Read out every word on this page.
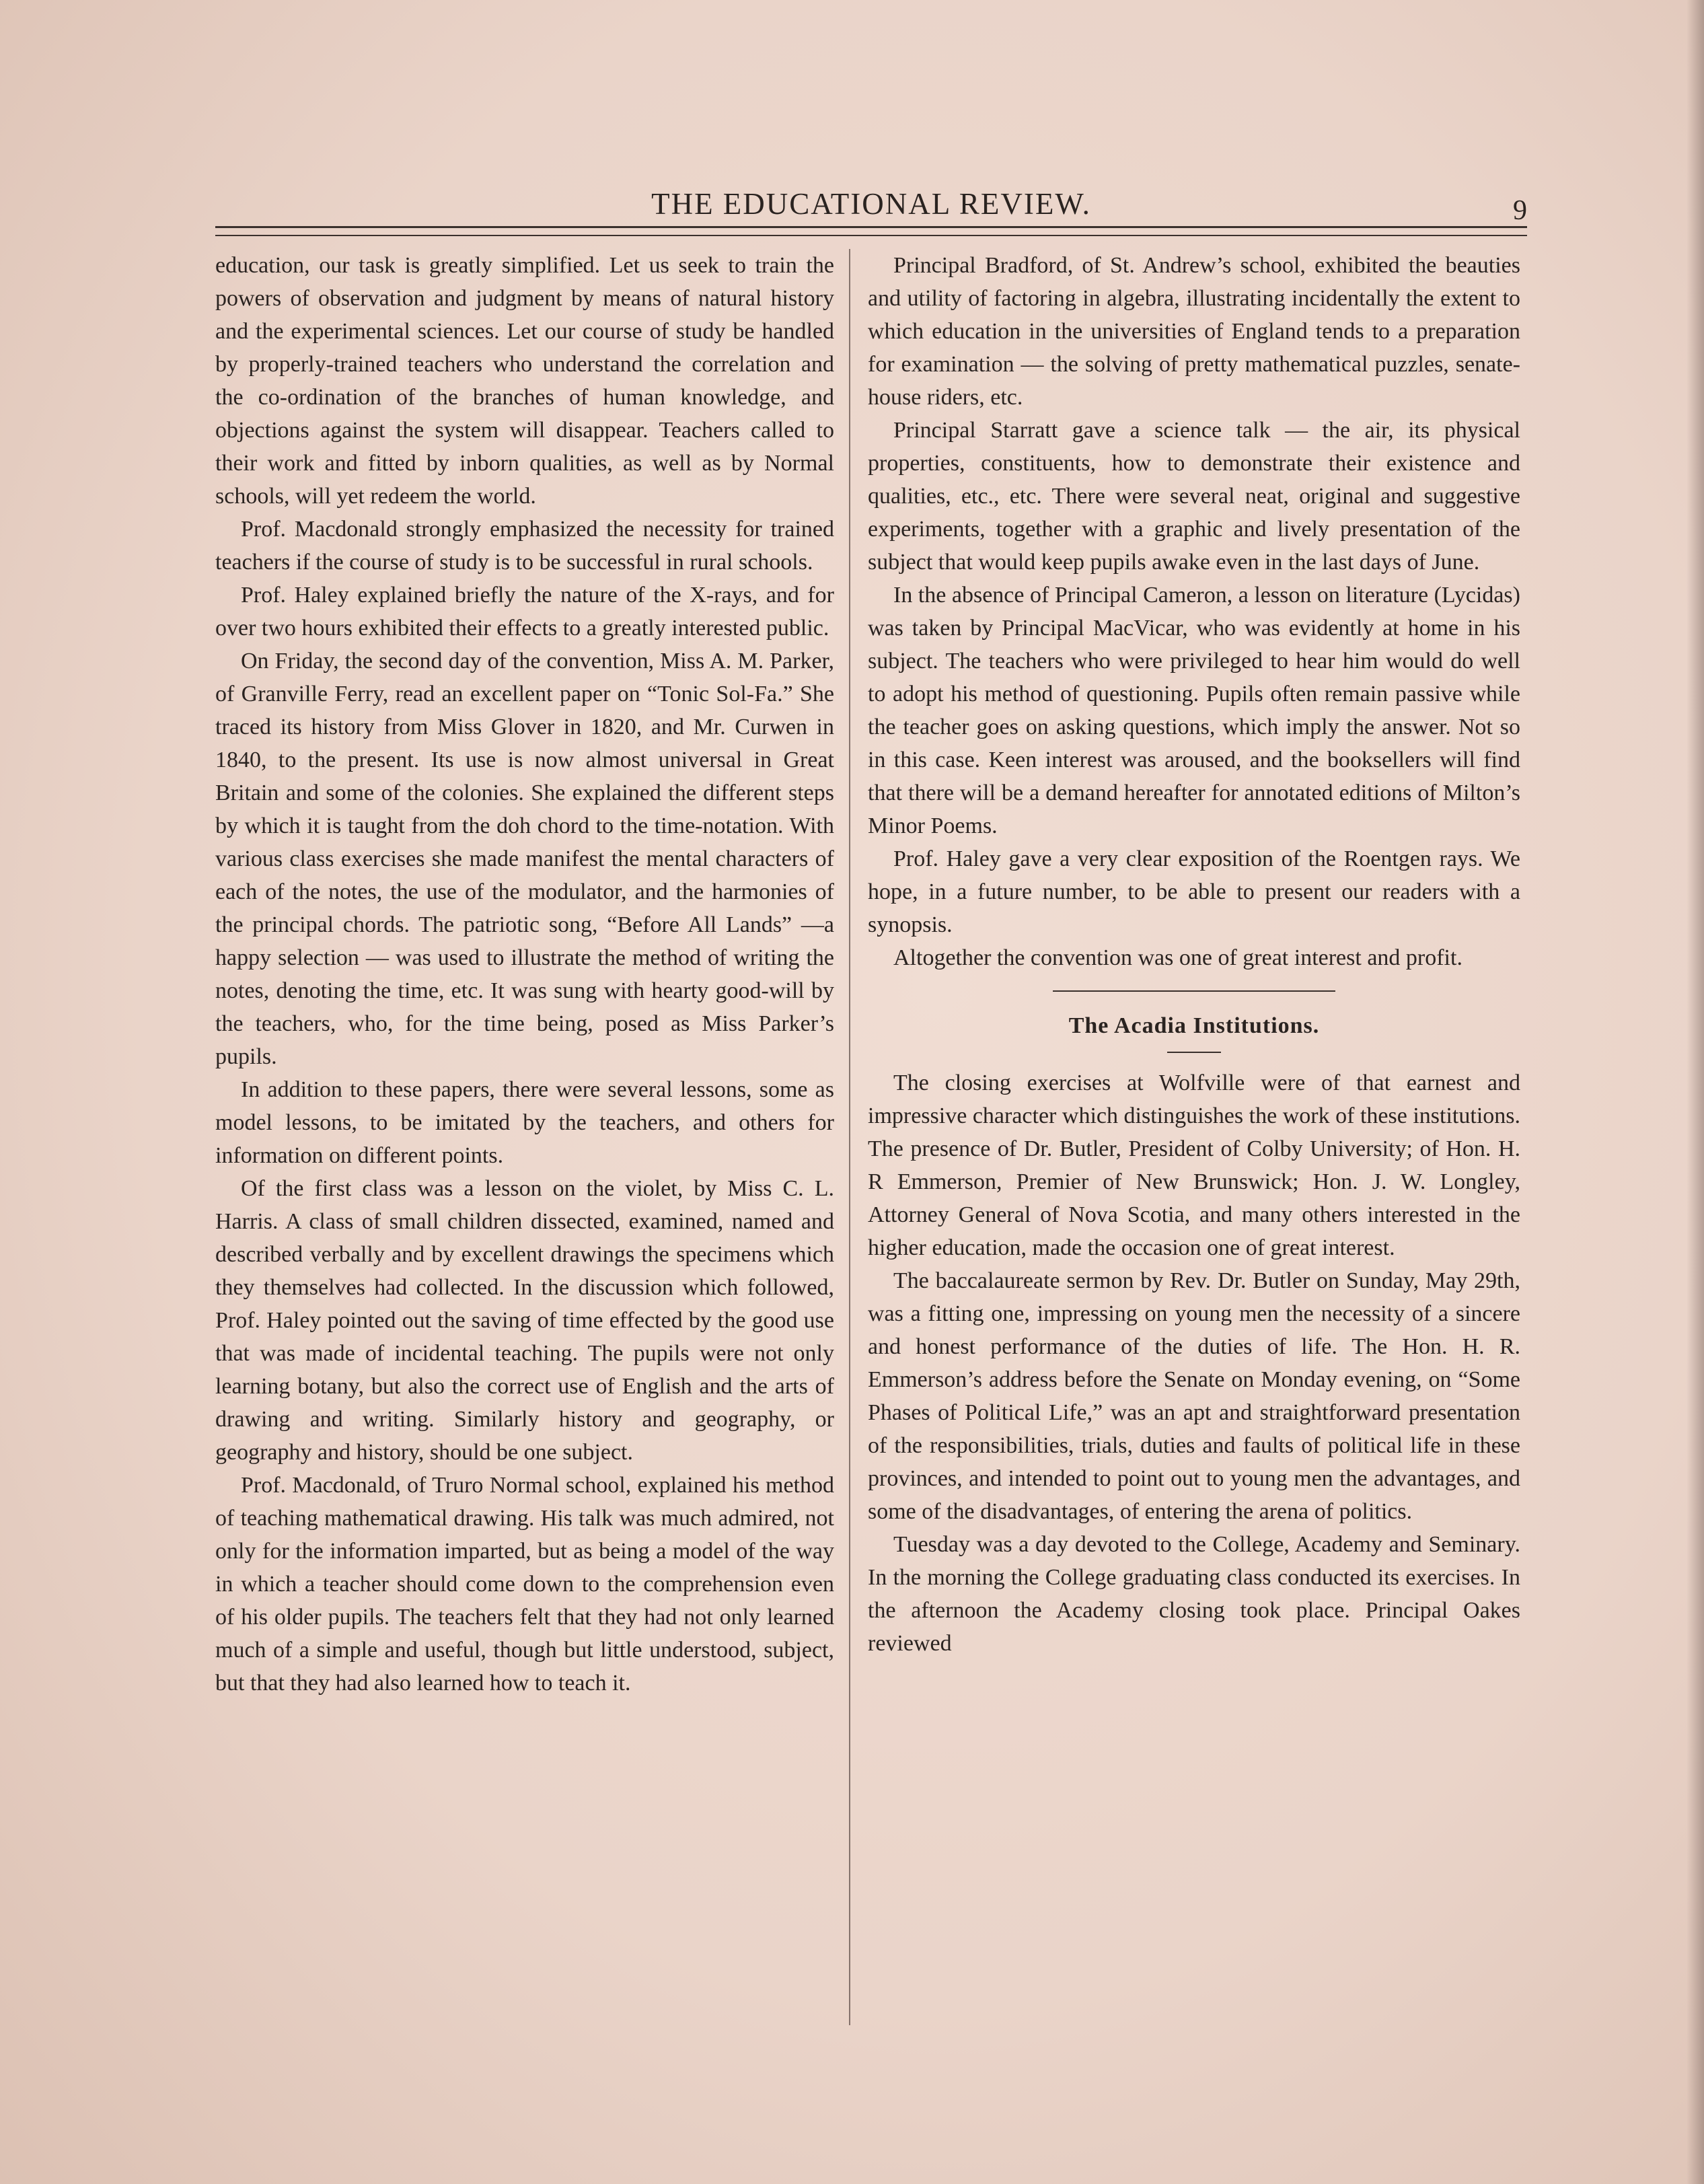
THE EDUCATIONAL REVIEW.	9

education, our task is greatly simplified. Let us seek to train the powers of observation and judgment by means of natural history and the experimental sciences. Let our course of study be handled by properly-trained teachers who understand the correlation and the co-ordination of the branches of human knowledge, and objections against the system will disappear. Teachers called to their work and fitted by inborn qualities, as well as by Normal schools, will yet redeem the world.

Prof. Macdonald strongly emphasized the necessity for trained teachers if the course of study is to be successful in rural schools.

Prof. Haley explained briefly the nature of the X-rays, and for over two hours exhibited their effects to a greatly interested public.

On Friday, the second day of the convention, Miss A. M. Parker, of Granville Ferry, read an excellent paper on “Tonic Sol-Fa.” She traced its history from Miss Glover in 1820, and Mr. Curwen in 1840, to the present. Its use is now almost universal in Great Britain and some of the colonies. She explained the different steps by which it is taught from the doh chord to the time-notation. With various class exercises she made manifest the mental characters of each of the notes, the use of the modulator, and the harmonies of the principal chords. The patriotic song, “Before All Lands” —a happy selection — was used to illustrate the method of writing the notes, denoting the time, etc. It was sung with hearty good-will by the teachers, who, for the time being, posed as Miss Parker’s pupils.

In addition to these papers, there were several lessons, some as model lessons, to be imitated by the teachers, and others for information on different points.

Of the first class was a lesson on the violet, by Miss C. L. Harris. A class of small children dissected, examined, named and described verbally and by excellent drawings the specimens which they themselves had collected. In the discussion which followed, Prof. Haley pointed out the saving of time effected by the good use that was made of incidental teaching. The pupils were not only learning botany, but also the correct use of English and the arts of drawing and writing. Similarly history and geography, or geography and history, should be one subject.

Prof. Macdonald, of Truro Normal school, explained his method of teaching mathematical drawing. His talk was much admired, not only for the information imparted, but as being a model of the way in which a teacher should come down to the comprehension even of his older pupils. The teachers felt that they had not only learned much of a simple and useful, though but little understood, subject, but that they had also learned how to teach it.

Principal Bradford, of St. Andrew’s school, exhibited the beauties and utility of factoring in algebra, illustrating incidentally the extent to which education in the universities of England tends to a preparation for examination — the solving of pretty mathematical puzzles, senate-house riders, etc.

Principal Starratt gave a science talk — the air, its physical properties, constituents, how to demonstrate their existence and qualities, etc., etc. There were several neat, original and suggestive experiments, together with a graphic and lively presentation of the subject that would keep pupils awake even in the last days of June.

In the absence of Principal Cameron, a lesson on literature (Lycidas) was taken by Principal MacVicar, who was evidently at home in his subject. The teachers who were privileged to hear him would do well to adopt his method of questioning. Pupils often remain passive while the teacher goes on asking questions, which imply the answer. Not so in this case. Keen interest was aroused, and the booksellers will find that there will be a demand hereafter for annotated editions of Milton’s Minor Poems.

Prof. Haley gave a very clear exposition of the Roentgen rays. We hope, in a future number, to be able to present our readers with a synopsis.

Altogether the convention was one of great interest and profit.

The Acadia Institutions.

The closing exercises at Wolfville were of that earnest and impressive character which distinguishes the work of these institutions. The presence of Dr. Butler, President of Colby University; of Hon. H. R Emmerson, Premier of New Brunswick; Hon. J. W. Longley, Attorney General of Nova Scotia, and many others interested in the higher education, made the occasion one of great interest.

The baccalaureate sermon by Rev. Dr. Butler on Sunday, May 29th, was a fitting one, impressing on young men the necessity of a sincere and honest performance of the duties of life. The Hon. H. R. Emmerson’s address before the Senate on Monday evening, on “Some Phases of Political Life,” was an apt and straightforward presentation of the responsibilities, trials, duties and faults of political life in these provinces, and intended to point out to young men the advantages, and some of the disadvantages, of entering the arena of politics.

Tuesday was a day devoted to the College, Academy and Seminary. In the morning the College graduating class conducted its exercises. In the afternoon the Academy closing took place. Principal Oakes reviewed
